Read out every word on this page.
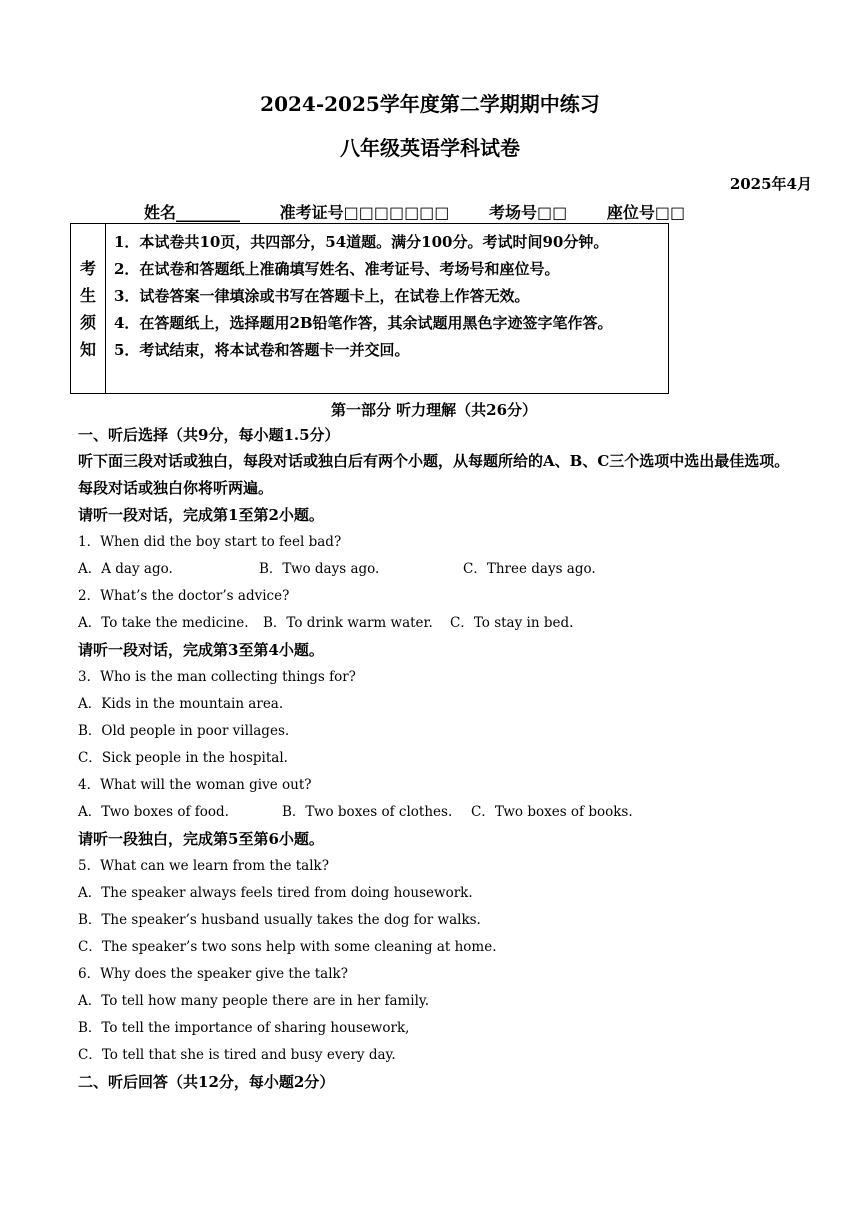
2024-2025学年度第二学期期中练习
八年级英语学科试卷
2025年4月
姓名________ 准考证号□□□□□□□ 考场号□□ 座位号□□
考
生
须
知
1．本试卷共10页，共四部分，54道题。满分100分。考试时间90分钟。
2．在试卷和答题纸上准确填写姓名、准考证号、考场号和座位号。
3．试卷答案一律填涂或书写在答题卡上，在试卷上作答无效。
4．在答题纸上，选择题用2B铅笔作答，其余试题用黑色字迹签字笔作答。
5．考试结束，将本试卷和答题卡一并交回。
第一部分 听力理解（共26分）
一、听后选择（共9分，每小题1.5分）
听下面三段对话或独白，每段对话或独白后有两个小题，从每题所给的A、B、C三个选项中选出最佳选项。每段对话或独白你将听两遍。
请听一段对话，完成第1至第2小题。
1．When did the boy start to feel bad?
A．A day ago.	B．Two days ago.	C．Three days ago.
2．What’s the doctor’s advice?
A．To take the medicine. B．To drink warm water. C．To stay in bed.
请听一段对话，完成第3至第4小题。
3．Who is the man collecting things for?
A．Kids in the mountain area.
B．Old people in poor villages.
C．Sick people in the hospital.
4．What will the woman give out?
A．Two boxes of food.	B．Two boxes of clothes. C．Two boxes of books.
请听一段独白，完成第5至第6小题。
5．What can we learn from the talk?
A．The speaker always feels tired from doing housework.
B．The speaker’s husband usually takes the dog for walks.
C．The speaker’s two sons help with some cleaning at home.
6．Why does the speaker give the talk?
A．To tell how many people there are in her family.
B．To tell the importance of sharing housework,
C．To tell that she is tired and busy every day.
二、听后回答（共12分，每小题2分）
